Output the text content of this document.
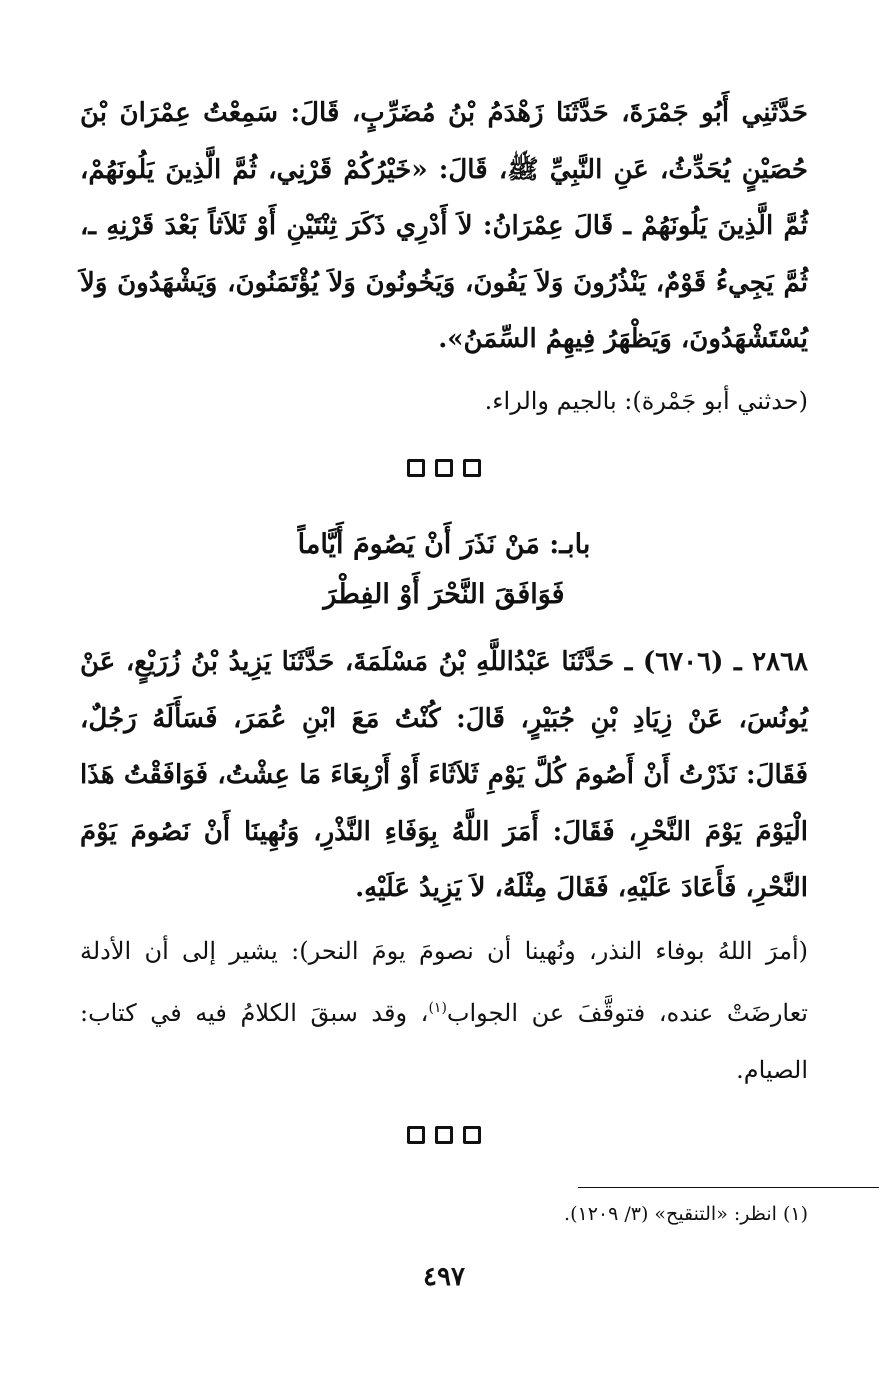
حَدَّثَنِي أَبُو جَمْرَةَ، حَدَّثَنَا زَهْدَمُ بْنُ مُضَرِّبٍ، قَالَ: سَمِعْتُ عِمْرَانَ بْنَ حُصَيْنٍ يُحَدِّثُ، عَنِ النَّبِيِّ ﷺ، قَالَ: «خَيْرُكُمْ قَرْنِي، ثُمَّ الَّذِينَ يَلُونَهُمْ، ثُمَّ الَّذِينَ يَلُونَهُمْ ـ قَالَ عِمْرَانُ: لاَ أَدْرِي ذَكَرَ ثِنْتَيْنِ أَوْ ثَلاَثاً بَعْدَ قَرْنِهِ ـ، ثُمَّ يَجِيءُ قَوْمٌ، يَنْذُرُونَ وَلاَ يَفُونَ، وَيَخُونُونَ وَلاَ يُؤْتَمَنُونَ، وَيَشْهَدُونَ وَلاَ يُسْتَشْهَدُونَ، وَيَظْهَرُ فِيهِمُ السِّمَنُ».

(حدثني أبو جَمْرة): بالجيم والراء.

بابـ: مَنْ نَذَرَ أَنْ يَصُومَ أَيَّاماً

فَوَافَقَ النَّحْرَ أَوْ الفِطْرَ

٢٨٦٨ ـ (٦٧٠٦) ـ حَدَّثَنَا عَبْدُاللَّهِ بْنُ مَسْلَمَةَ، حَدَّثَنَا يَزِيدُ بْنُ زُرَيْعٍ، عَنْ يُونُسَ، عَنْ زِيَادِ بْنِ جُبَيْرٍ، قَالَ: كُنْتُ مَعَ ابْنِ عُمَرَ، فَسَأَلَهُ رَجُلٌ، فَقَالَ: نَذَرْتُ أَنْ أَصُومَ كُلَّ يَوْمِ ثَلاَثَاءَ أَوْ أَرْبِعَاءَ مَا عِشْتُ، فَوَافَقْتُ هَذَا الْيَوْمَ يَوْمَ النَّحْرِ، فَقَالَ: أَمَرَ اللَّهُ بِوَفَاءِ النَّذْرِ، وَنُهِينَا أَنْ نَصُومَ يَوْمَ النَّحْرِ، فَأَعَادَ عَلَيْهِ، فَقَالَ مِثْلَهُ، لاَ يَزِيدُ عَلَيْهِ.

(أمرَ اللهُ بوفاء النذر، ونُهينا أن نصومَ يومَ النحر): يشير إلى أن الأدلة تعارضَتْ عنده، فتوقَّفَ عن الجواب$^{(١)}$، وقد سبقَ الكلامُ فيه في كتاب: الصيام.

(١) انظر: «التنقيح» (٣/ ١٢٠٩).

٤٩٧
